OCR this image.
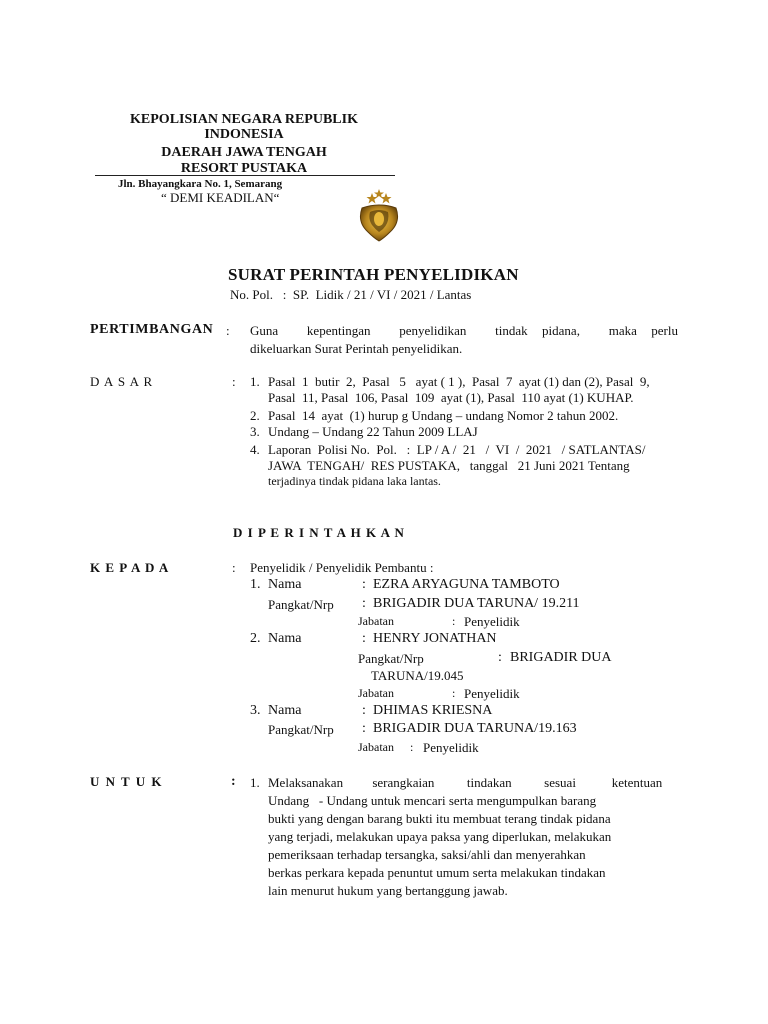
KEPOLISIAN NEGARA REPUBLIK
INDONESIA
DAERAH JAWA TENGAH
RESORT PUSTAKA
Jln. Bhayangkara No. 1, Semarang
“ DEMI KEADILAN“
SURAT PERINTAH PENYELIDIKAN
No. Pol.   :  SP.  Lidik / 21 / VI / 2021 / Lantas
PERTIMBANGAN : Guna    kepentingan    penyelidikan    tindak  pidana,    maka  perlu
dikeluarkan Surat Perintah penyelidikan.
D A S A R	: 1. Pasal  1  butir  2,  Pasal   5   ayat ( 1 ),  Pasal  7  ayat (1) dan (2), Pasal  9,
Pasal  11, Pasal  106, Pasal  109  ayat (1), Pasal  110 ayat (1) KUHAP.
2. Pasal  14  ayat  (1) hurup g Undang – undang Nomor 2 tahun 2002.
3. Undang – Undang 22 Tahun 2009 LLAJ
4. Laporan  Polisi No.  Pol.   :  LP / A /  21   /  VI  /  2021   / SATLANTAS/
JAWA  TENGAH/  RES PUSTAKA,   tanggal   21 Juni 2021 Tentang
terjadinya tindak pidana laka lantas.
D I P E R I N T A H K A N
K E P A D A	: Penyelidik / Penyelidik Pembantu :
1. Nama	: EZRA ARYAGUNA TAMBOTO
Pangkat/Nrp : BRIGADIR DUA TARUNA/ 19.211
Jabatan	: Penyelidik
2. Nama	: HENRY JONATHAN
Pangkat/Nrp	: BRIGADIR DUA
TARUNA/19.045
Jabatan	: Penyelidik
3. Nama	: DHIMAS KRIESNA
Pangkat/Nrp : BRIGADIR DUA TARUNA/19.163
Jabatan : Penyelidik
U N T U K	: 1. Melaksanakan         serangkaian          tindakan          sesuai           ketentuan
Undang   - Undang untuk mencari serta mengumpulkan barang
bukti yang dengan barang bukti itu membuat terang tindak pidana
yang terjadi, melakukan upaya paksa yang diperlukan, melakukan
pemeriksaan terhadap tersangka, saksi/ahli dan menyerahkan
berkas perkara kepada penuntut umum serta melakukan tindakan
lain menurut hukum yang bertanggung jawab.
